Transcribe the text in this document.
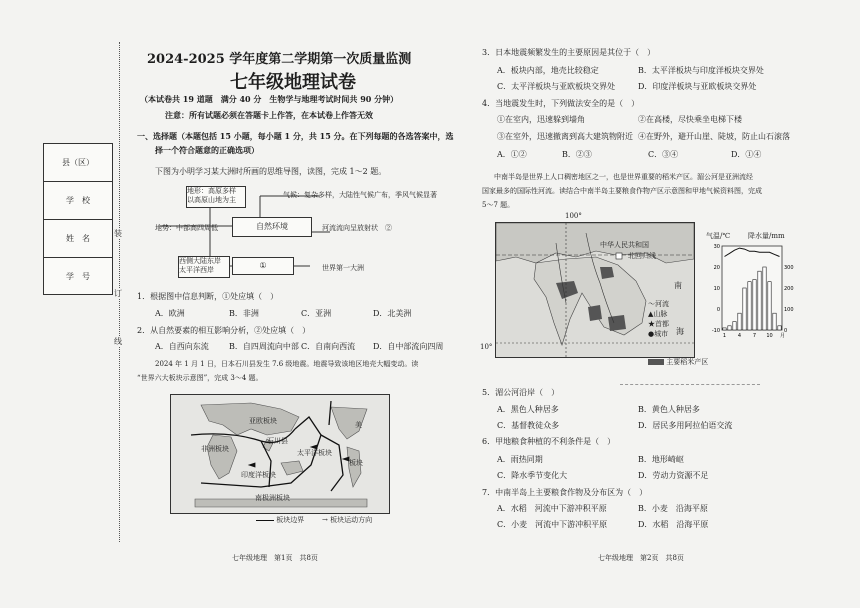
装
订
线
县（区）
学　校
姓　名
学　号
2024-2025 学年度第二学期第一次质量监测
七年级地理试卷
（本试卷共 19 道题　满分 40 分　生物学与地理考试时间共 90 分钟）
注意：所有试题必须在答题卡上作答，在本试卷上作答无效
一、选择题（本题包括 15 小题，每小题 1 分，共 15 分。在下列每题的各选答案中，选
择一个符合题意的正确选项）
下图为小明学习某大洲时所画的思维导图，读图，完成 1～2 题。
地形：高原多样
以高原山地为主
气候：复杂多样，大陆性气候广布，季风气候显著
自然环境
地势：中部高四周低	河流流向呈放射状　②
西侧大陆东岸
太平洋西岸	①	世界第一大洲
1．根据图中信息判断，①处应填（　）
A．欧洲	B．非洲	C．亚洲	D．北美洲
2．从自然要素的相互影响分析，②处应填（　）
A．自西向东流	B．自四周流向中部 C．自南向西流 D．自中部流向四周
2024 年 1 月 1 日，日本石川县发生 7.6 级地震。地震导致该地区地壳大幅变动。读
“世界六大板块示意图”，完成 3～4 题。
亚欧板块
非洲板块
印度洋板块
太平洋板块
美
板块
南极洲板块
石川县
板块边界	→ 板块运动方向
七年级地理　第1页　共8页
3．日本地震频繁发生的主要原因是其位于（　）
A．板块内部，地壳比较稳定	B．太平洋板块与印度洋板块交界处
C．太平洋板块与亚欧板块交界处	D．印度洋板块与亚欧板块交界处
4．当地震发生时，下列做法安全的是（　）
①在室内，迅速躲到墙角	②在高楼，尽快乘坐电梯下楼
③在室外，迅速撤离到高大建筑物附近 ④在野外，避开山崖、陡坡，防止山石滚落
A．①②	B．②③	C．③④	D．①④
中南半岛是世界上人口稠密地区之一，也是世界重要的稻米产区。湄公河是亚洲流经
国家最多的国际性河流。读结合中南半岛主要粮食作物产区示意图和甲地气候资料图，完成
5～7 题。
100°
中华人民共和国
北回归线
南
海
～河流
▲山脉
★首都
●城市
10°
主要稻米产区
气温/℃	降水量/mm
30
20
10
0
-10
300
200
100
0
1 4 7 10 月
5．湄公河沿岸（　）
A．黑色人种居多	B．黄色人种居多
C．基督教徒众多	D．居民多用阿拉伯语交流
6．甲地粮食种植的不利条件是（　）
A．雨热同期	B．地形崎岖
C．降水季节变化大	D．劳动力资源不足
7．中南半岛上主要粮食作物及分布区为（　）
A．水稻　河流中下游冲积平原	B．小麦　沿海平原
C．小麦　河流中下游冲积平原	D．水稻　沿海平原
七年级地理　第2页　共8页
